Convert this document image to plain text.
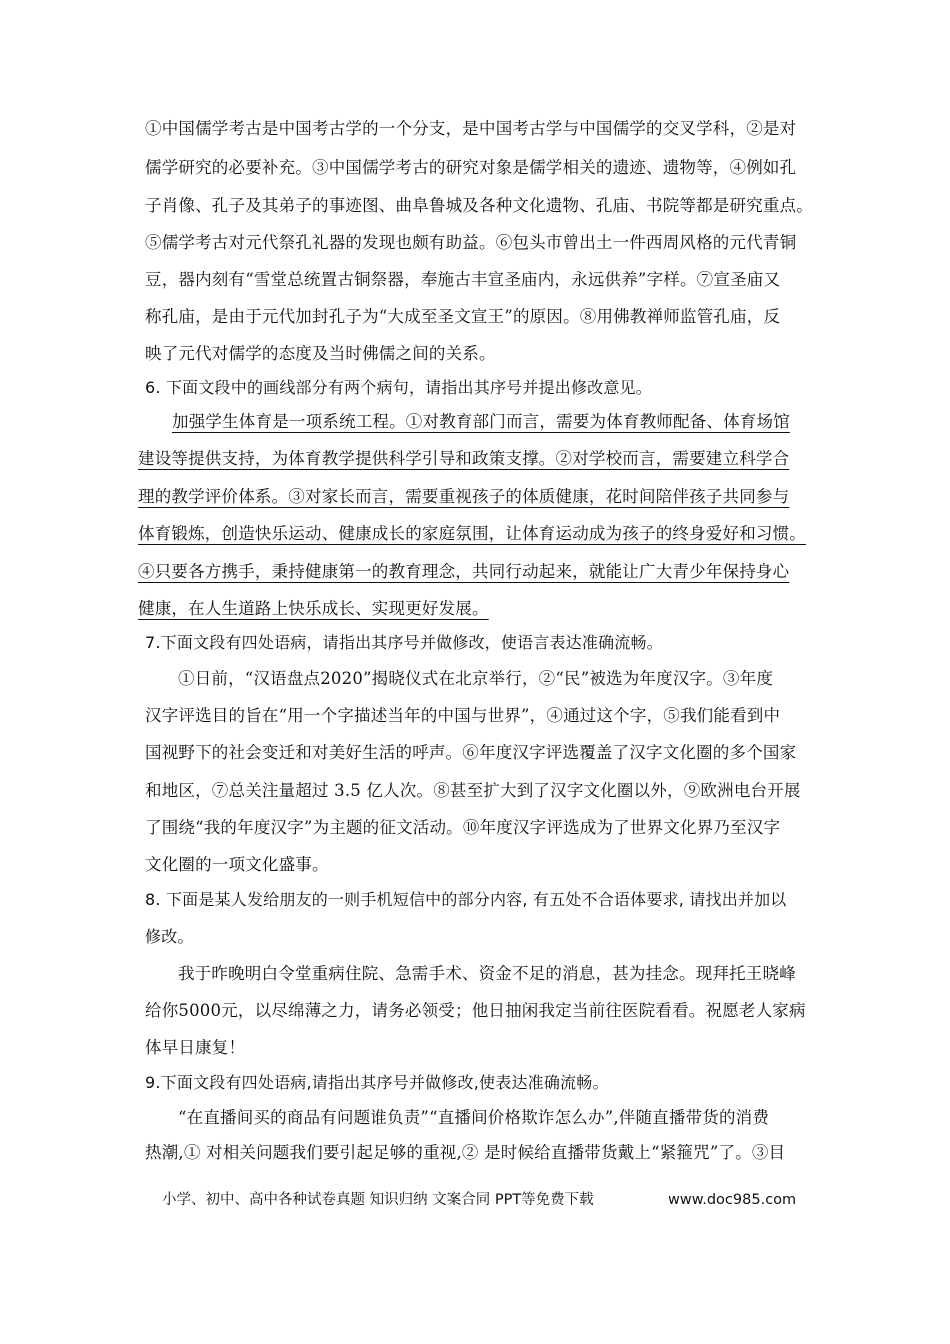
①中国儒学考古是中国考古学的一个分支，是中国考古学与中国儒学的交叉学科，②是对
儒学研究的必要补充。③中国儒学考古的研究对象是儒学相关的遗迹、遗物等，④例如孔
子肖像、孔子及其弟子的事迹图、曲阜鲁城及各种文化遗物、孔庙、书院等都是研究重点。
⑤儒学考古对元代祭孔礼器的发现也颇有助益。⑥包头市曾出土一件西周风格的元代青铜
豆，器内刻有“雪堂总统置古铜祭器，奉施古丰宣圣庙内，永远供养”字样。⑦宣圣庙又
称孔庙，是由于元代加封孔子为“大成至圣文宣王”的原因。⑧用佛教禅师监管孔庙，反
映了元代对儒学的态度及当时佛儒之间的关系。
6. 下面文段中的画线部分有两个病句，请指出其序号并提出修改意见。
加强学生体育是一项系统工程。①对教育部门而言，需要为体育教师配备、体育场馆
建设等提供支持，为体育教学提供科学引导和政策支撑。②对学校而言，需要建立科学合
理的教学评价体系。③对家长而言，需要重视孩子的体质健康，花时间陪伴孩子共同参与
体育锻炼，创造快乐运动、健康成长的家庭氛围，让体育运动成为孩子的终身爱好和习惯。
④只要各方携手，秉持健康第一的教育理念，共同行动起来，就能让广大青少年保持身心
健康，在人生道路上快乐成长、实现更好发展。
7.下面文段有四处语病，请指出其序号并做修改，使语言表达准确流畅。
①日前，“汉语盘点2020”揭晓仪式在北京举行，②“民”被选为年度汉字。③年度
汉字评选目的旨在“用一个字描述当年的中国与世界”，④通过这个字，⑤我们能看到中
国视野下的社会变迁和对美好生活的呼声。⑥年度汉字评选覆盖了汉字文化圈的多个国家
和地区，⑦总关注量超过 3.5 亿人次。⑧甚至扩大到了汉字文化圈以外，⑨欧洲电台开展
了围绕“我的年度汉字”为主题的征文活动。⑩年度汉字评选成为了世界文化界乃至汉字
文化圈的一项文化盛事。
8. 下面是某人发给朋友的一则手机短信中的部分内容, 有五处不合语体要求, 请找出并加以
修改。
我于昨晚明白令堂重病住院、急需手术、资金不足的消息，甚为挂念。现拜托王晓峰
给你5000元，以尽绵薄之力，请务必领受；他日抽闲我定当前往医院看看。祝愿老人家病
体早日康复！
9.下面文段有四处语病,请指出其序号并做修改,使表达准确流畅。
“在直播间买的商品有问题谁负责”“直播间价格欺诈怎么办”,伴随直播带货的消费
热潮,① 对相关问题我们要引起足够的重视,② 是时候给直播带货戴上“紧箍咒”了。③目
小学、初中、高中各种试卷真题 知识归纳 文案合同 PPT等免费下载	www.doc985.com
